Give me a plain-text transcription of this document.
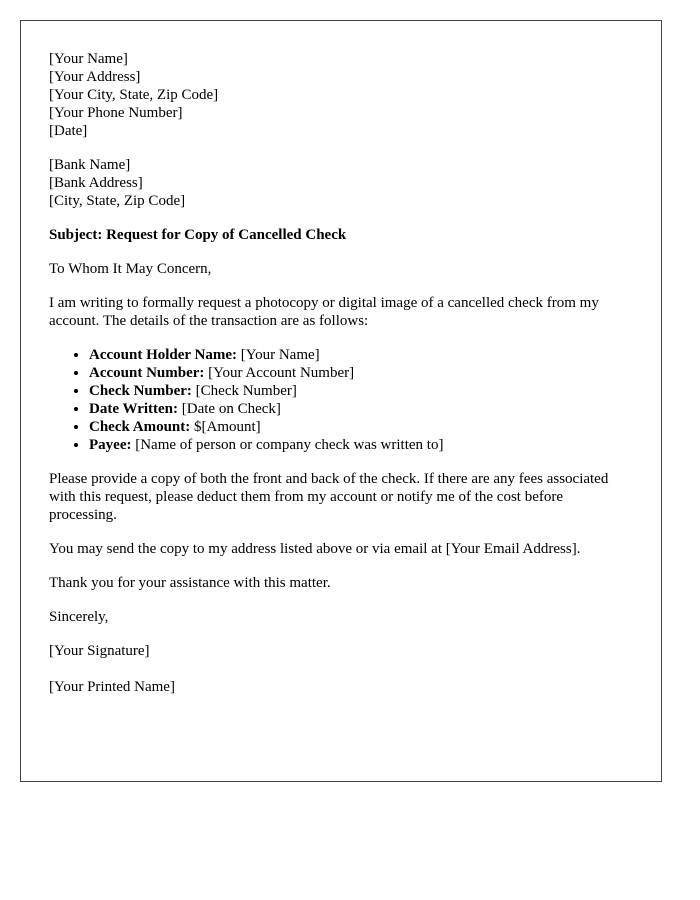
[Your Name]
[Your Address]
[Your City, State, Zip Code]
[Your Phone Number]
[Date]
[Bank Name]
[Bank Address]
[City, State, Zip Code]
Subject: Request for Copy of Cancelled Check

To Whom It May Concern,

I am writing to formally request a photocopy or digital image of a cancelled check from my account. The details of the transaction are as follows:

• Account Holder Name: [Your Name]
• Account Number: [Your Account Number]
• Check Number: [Check Number]
• Date Written: [Date on Check]
• Check Amount: $[Amount]
• Payee: [Name of person or company check was written to]

Please provide a copy of both the front and back of the check. If there are any fees associated with this request, please deduct them from my account or notify me of the cost before processing.

You may send the copy to my address listed above or via email at [Your Email Address].

Thank you for your assistance with this matter.

Sincerely,

[Your Signature]

[Your Printed Name]
